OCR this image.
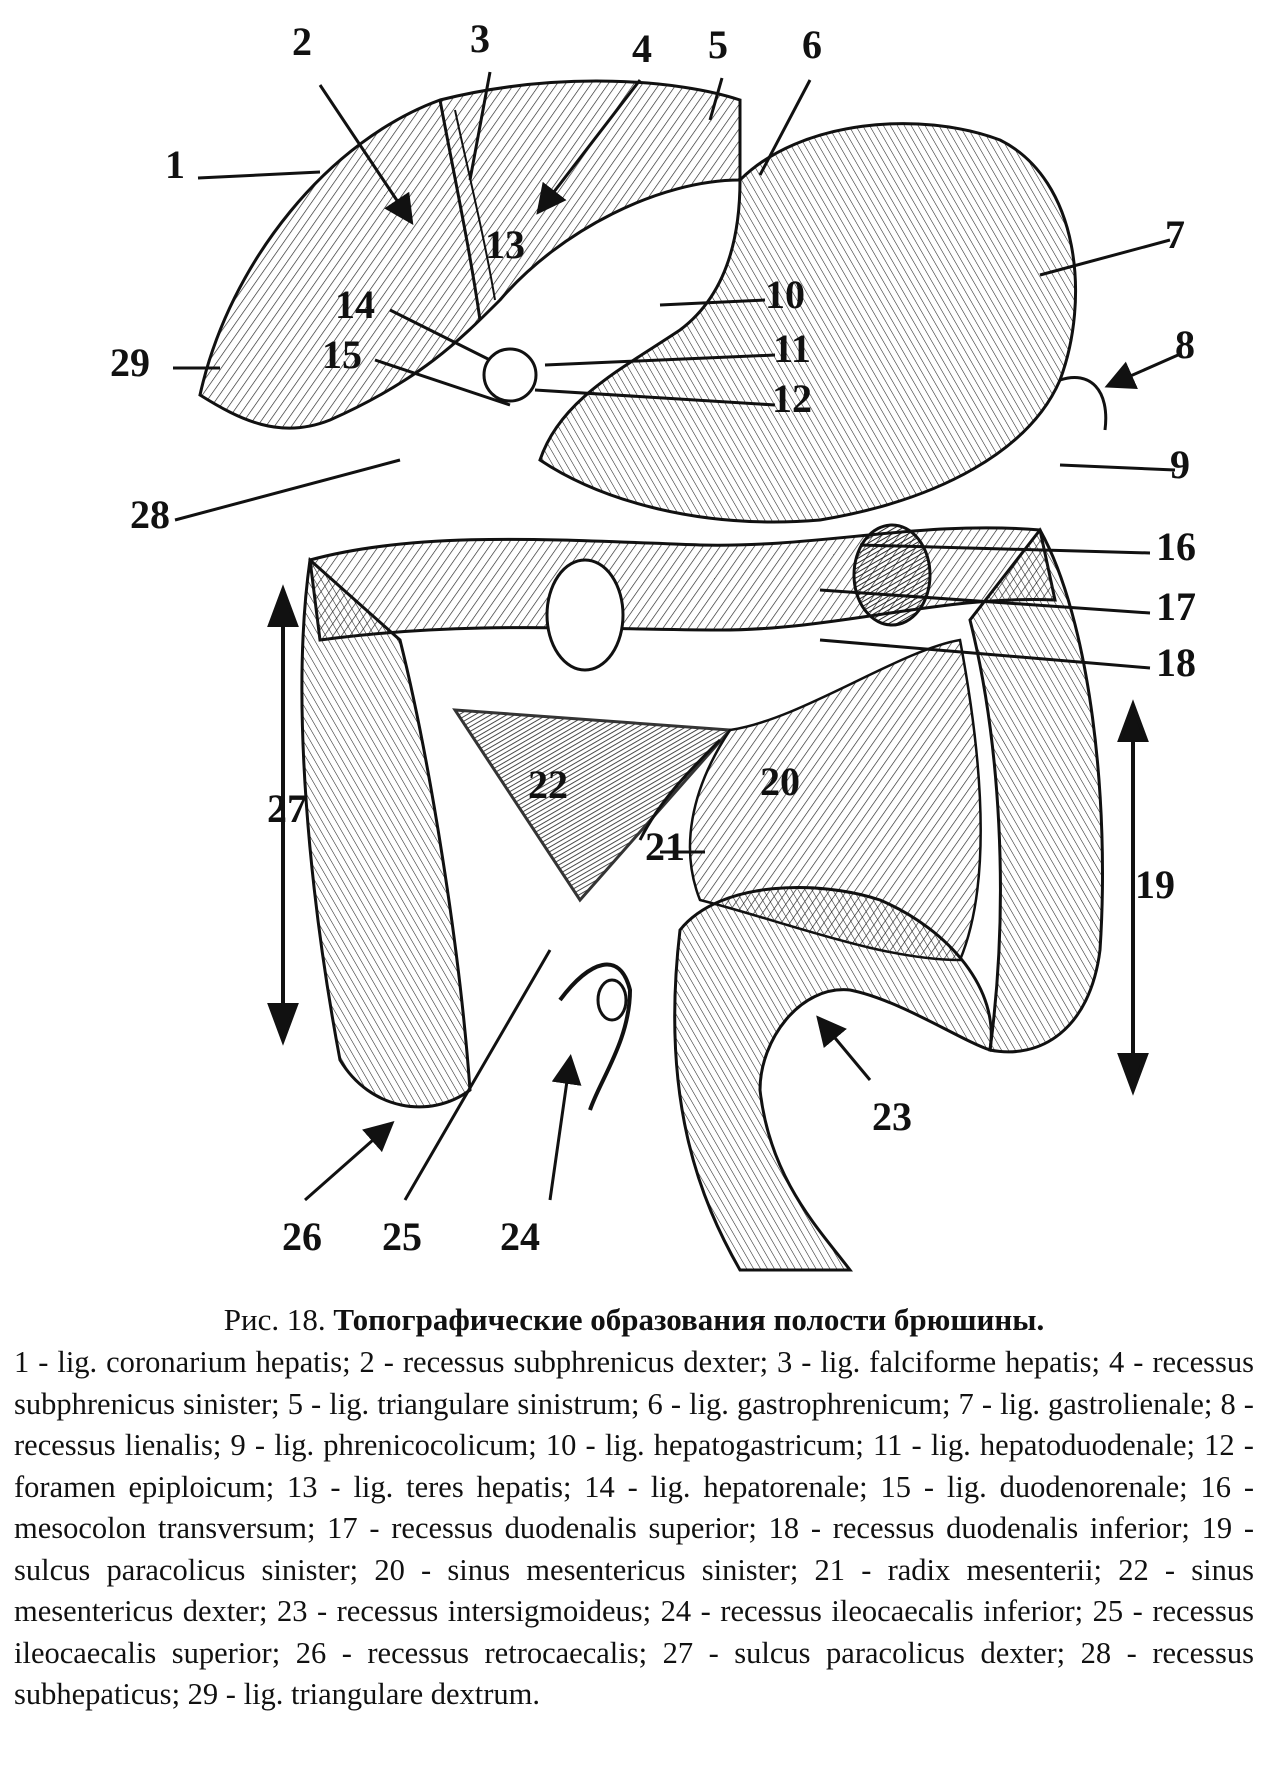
1
2	3	4 5 6
7
8
9
10
11
12
13
14
15
16
17
18
19
20
21
22
23
24
25
26
27
28
29

Рис. 18. Топографические образования полости брюшины.

1 - lig. coronarium hepatis; 2 - recessus subphrenicus dexter; 3 - lig. falciforme hepatis; 4 - recessus subphrenicus sinister; 5 - lig. triangulare sinistrum; 6 - lig. gastrophrenicum; 7 - lig. gastrolienale; 8 - recessus lienalis; 9 - lig. phrenicocolicum; 10 - lig. hepatogastricum; 11 - lig. hepatoduodenale; 12 - foramen epiploicum; 13 - lig. teres hepatis; 14 - lig. hepatorenale; 15 - lig. duodenorenale; 16 - mesocolon transversum; 17 - recessus duodenalis superior; 18 - recessus duodenalis inferior; 19 - sulcus paracolicus sinister; 20 - sinus mesentericus sinister; 21 - radix mesenterii; 22 - sinus mesentericus dexter; 23 - recessus intersigmoideus; 24 - recessus ileocaecalis inferior; 25 - recessus ileocaecalis superior; 26 - recessus retrocaecalis; 27 - sulcus paracolicus dexter; 28 - recessus subhepaticus; 29 - lig. triangulare dextrum.
